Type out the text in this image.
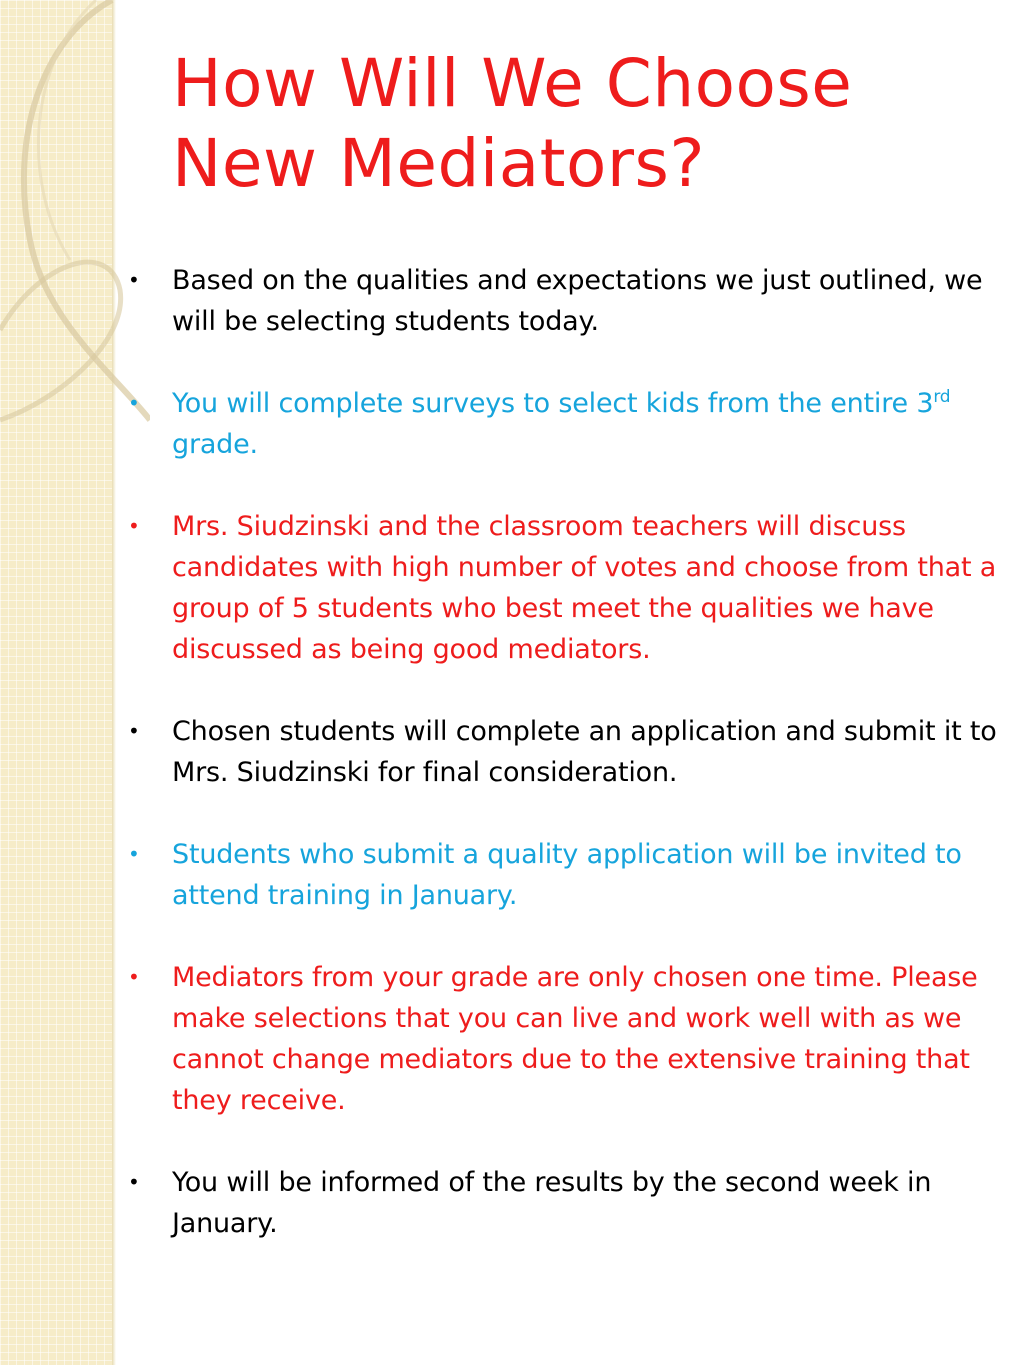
How Will We Choose
New Mediators?
•	Based on the qualities and expectations we just outlined, we will be selecting students today.
•	You will complete surveys to select kids from the entire 3rd grade.
•	Mrs. Siudzinski and the classroom teachers will discuss candidates with high number of votes and choose from that a group of 5 students who best meet the qualities we have discussed as being good mediators.
•	Chosen students will complete an application and submit it to Mrs. Siudzinski for final consideration.
•	Students who submit a quality application will be invited to attend training in January.
•	Mediators from your grade are only chosen one time. Please make selections that you can live and work well with as we cannot change mediators due to the extensive training that they receive.
•	You will be informed of the results by the second week in January.
